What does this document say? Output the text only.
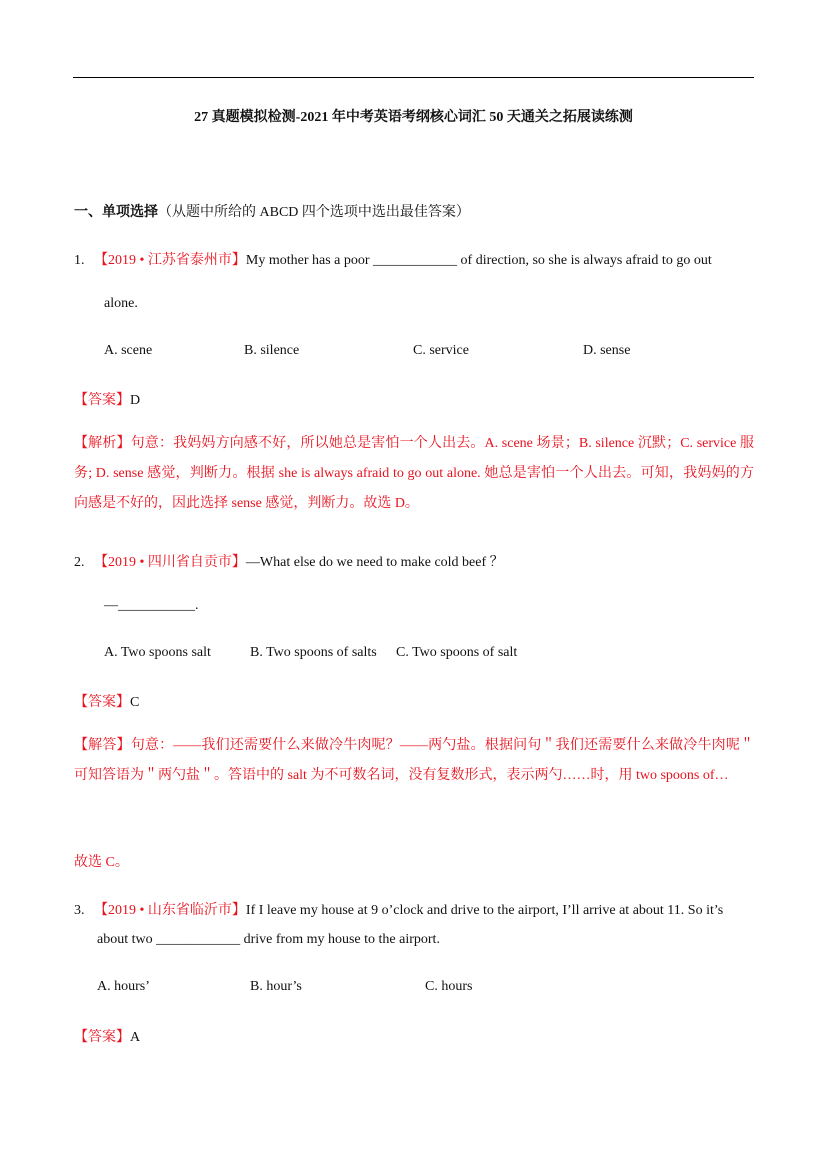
27 真题模拟检测-2021 年中考英语考纲核心词汇 50 天通关之拓展读练测
一、单项选择（从题中所给的 ABCD 四个选项中选出最佳答案）
1. 【2019 • 江苏省泰州市】My mother has a poor ____________ of direction, so she is always afraid to go out
alone.
A. scene	B. silence	C. service	D. sense
【答案】D
【解析】句意：我妈妈方向感不好，所以她总是害怕一个人出去。A. scene 场景；B. silence 沉默；C. service 服务; D. sense 感觉，判断力。根据 she is always afraid to go out alone. 她总是害怕一个人出去。可知，我妈妈的方向感是不好的，因此选择 sense 感觉，判断力。故选 D。
2. 【2019 • 四川省自贡市】—What else do we need to make cold beef ？
—___________.
A. Two spoons salt	B. Two spoons of salts C. Two spoons of salt
【答案】C
【解答】句意：——我们还需要什么来做冷牛肉呢？——两勺盐。根据问句＂我们还需要什么来做冷牛肉呢＂可知答语为＂两勺盐＂。答语中的 salt 为不可数名词，没有复数形式，表示两勺……时，用 two spoons of…
故选 C。
3. 【2019 • 山东省临沂市】If I leave my house at 9 o’clock and drive to the airport, I’ll arrive at about 11. So it’s
about two ____________ drive from my house to the airport.
A. hours’	B. hour’s	C. hours
【答案】A
